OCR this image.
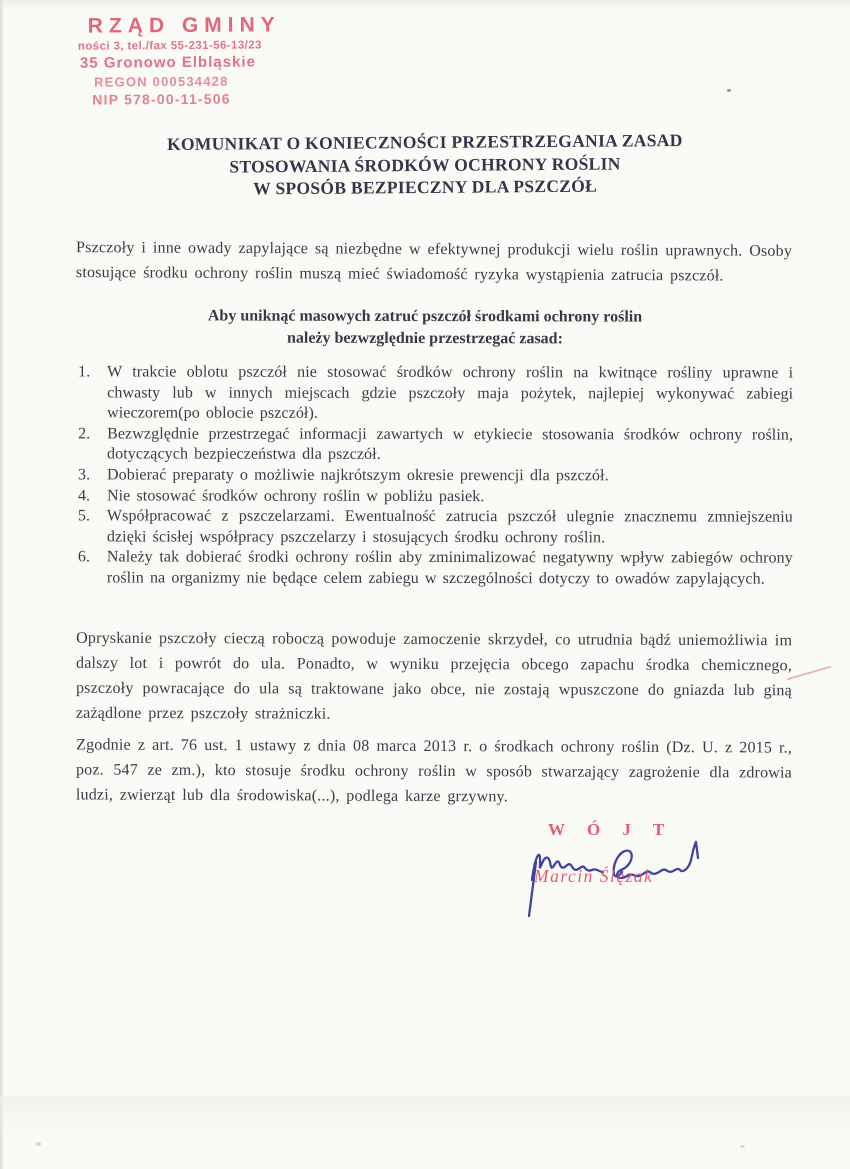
RZĄD GMINY
ności 3, tel./fax 55-231-56-13/23
35 Gronowo Elbląskie
REGON 000534428
NIP 578-00-11-506
KOMUNIKAT O KONIECZNOŚCI PRZESTRZEGANIA ZASAD
STOSOWANIA ŚRODKÓW OCHRONY ROŚLIN
W SPOSÓB BEZPIECZNY DLA PSZCZÓŁ

Pszczoły i inne owady zapylające są niezbędne w efektywnej produkcji wielu roślin uprawnych. Osoby stosujące środku ochrony roślin muszą mieć świadomość ryzyka wystąpienia zatrucia pszczół.

Aby uniknąć masowych zatruć pszczół środkami ochrony roślin
należy bezwzględnie przestrzegać zasad:
1. W trakcie oblotu pszczół nie stosować środków ochrony roślin na kwitnące rośliny uprawne i chwasty lub w innych miejscach gdzie pszczoły maja pożytek, najlepiej wykonywać zabiegi wieczorem(po oblocie pszczół).
2. Bezwzględnie przestrzegać informacji zawartych w etykiecie stosowania środków ochrony roślin, dotyczących bezpieczeństwa dla pszczół.
3. Dobierać preparaty o możliwie najkrótszym okresie prewencji dla pszczół.
4. Nie stosować środków ochrony roślin w pobliżu pasiek.
5. Współpracować z pszczelarzami. Ewentualność zatrucia pszczół ulegnie znacznemu zmniejszeniu dzięki ścisłej współpracy pszczelarzy i stosujących środku ochrony roślin.
6. Należy tak dobierać środki ochrony roślin aby zminimalizować negatywny wpływ zabiegów ochrony roślin na organizmy nie będące celem zabiegu w szczególności dotyczy to owadów zapylających.

Opryskanie pszczoły cieczą roboczą powoduje zamoczenie skrzydeł, co utrudnia bądź uniemożliwia im dalszy lot i powrót do ula. Ponadto, w wyniku przejęcia obcego zapachu środka chemicznego, pszczoły powracające do ula są traktowane jako obce, nie zostają wpuszczone do gniazda lub giną zażądlone przez pszczoły strażniczki.

Zgodnie z art. 76 ust. 1 ustawy z dnia 08 marca 2013 r. o środkach ochrony roślin (Dz. U. z 2015 r., poz. 547 ze zm.), kto stosuje środku ochrony roślin w sposób stwarzający zagrożenie dla zdrowia ludzi, zwierząt lub dla środowiska(...), podlega karze grzywny.

W Ó J T
Marcin Ślęzak
